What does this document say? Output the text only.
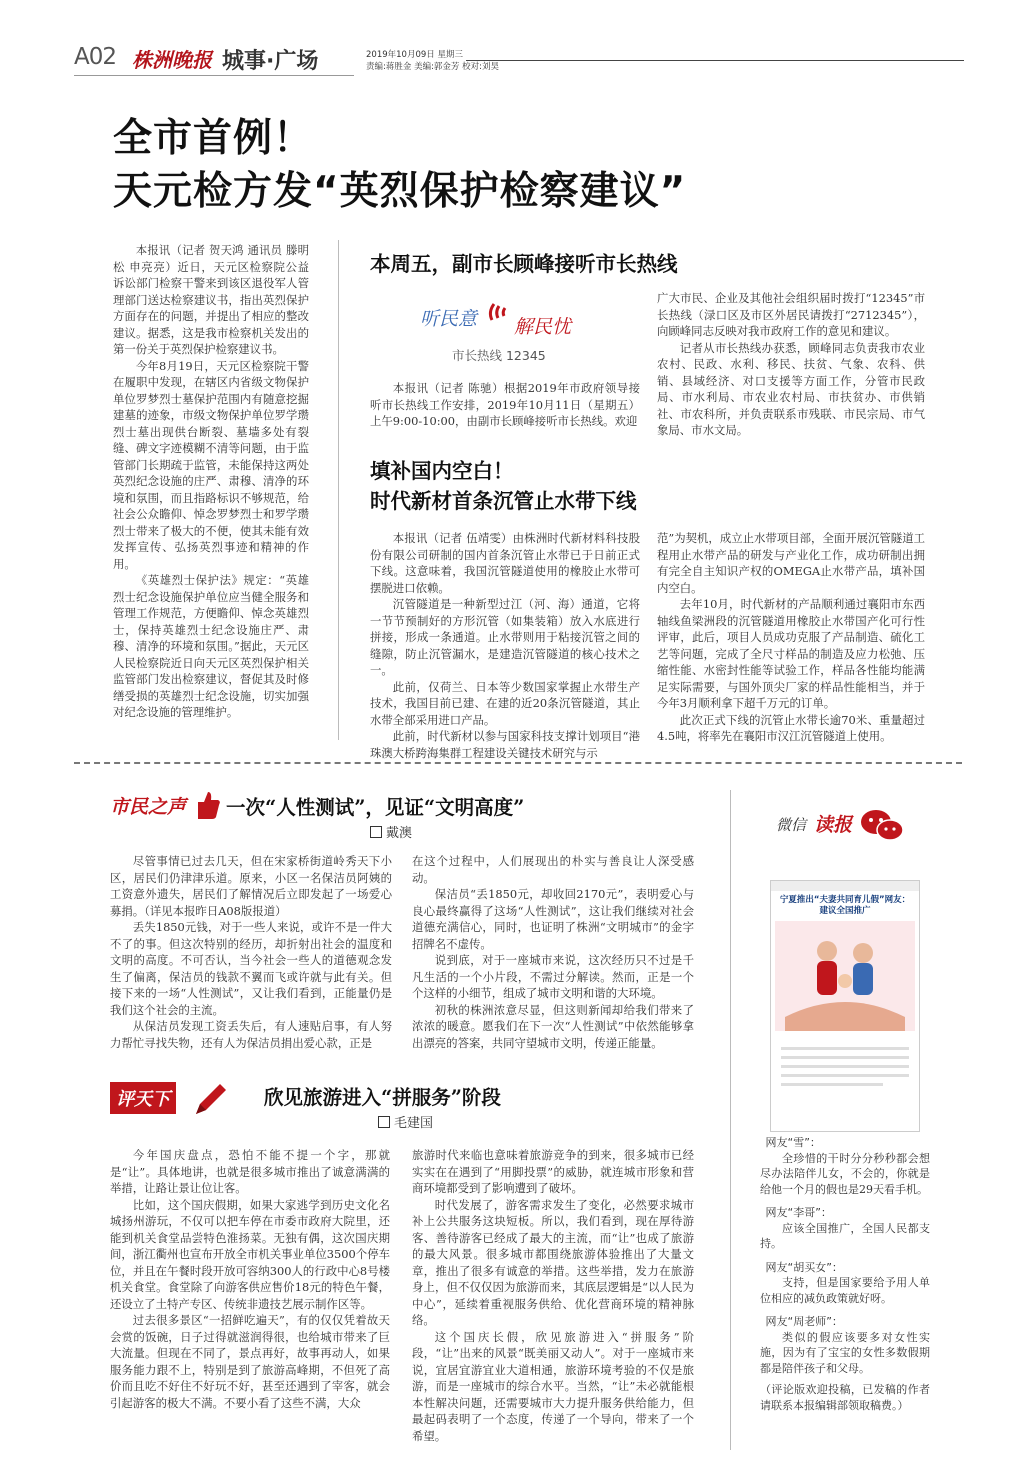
A02 株洲晚报 城事·广场	2019年10月09日 星期三
责编:蒋胜金 美编:郭金芳 校对:刘昊
全市首例！
天元检方发“英烈保护检察建议”

本报讯（记者 贺天鸿 通讯员 滕明松 申亮亮）近日，天元区检察院公益诉讼部门检察干警来到该区退役军人管理部门送达检察建议书，指出英烈保护方面存在的问题，并提出了相应的整改建议。据悉，这是我市检察机关发出的第一份关于英烈保护检察建议书。

今年8月19日，天元区检察院干警在履职中发现，在辖区内省级文物保护单位罗梦烈士墓保护范围内有随意挖掘建墓的迹象，市级文物保护单位罗学瓒烈士墓出现供台断裂、墓墙多处有裂缝、碑文字迹模糊不清等问题，由于监管部门长期疏于监管，未能保持这两处英烈纪念设施的庄严、肃穆、清净的环境和氛围，而且指路标识不够规范，给社会公众瞻仰、悼念罗梦烈士和罗学瓒烈士带来了极大的不便，使其未能有效发挥宣传、弘扬英烈事迹和精神的作用。

《英雄烈士保护法》规定：“英雄烈士纪念设施保护单位应当健全服务和管理工作规范，方便瞻仰、悼念英雄烈士，保持英雄烈士纪念设施庄严、肃穆、清净的环境和氛围。”据此，天元区人民检察院近日向天元区英烈保护相关监管部门发出检察建议，督促其及时修缮受损的英雄烈士纪念设施，切实加强对纪念设施的管理维护。

本周五，副市长顾峰接听市长热线
听民意 解民忧
市长热线 12345

本报讯（记者 陈驰）根据2019年市政府领导接听市长热线工作安排，2019年10月11日（星期五）上午9:00-10:00，由副市长顾峰接听市长热线。欢迎

广大市民、企业及其他社会组织届时拨打“12345”市长热线（渌口区及市区外居民请拨打“2712345”），向顾峰同志反映对我市政府工作的意见和建议。

记者从市长热线办获悉，顾峰同志负责我市农业农村、民政、水利、移民、扶贫、气象、农科、供销、县域经济、对口支援等方面工作，分管市民政局、市水利局、市农业农村局、市扶贫办、市供销社、市农科所，并负责联系市残联、市民宗局、市气象局、市水文局。

填补国内空白！
时代新材首条沉管止水带下线

本报讯（记者 伍靖雯）由株洲时代新材料科技股份有限公司研制的国内首条沉管止水带已于日前正式下线。这意味着，我国沉管隧道使用的橡胶止水带可摆脱进口依赖。

沉管隧道是一种新型过江（河、海）通道，它将一节节预制好的方形沉管（如集装箱）放入水底进行拼接，形成一条通道。止水带则用于粘接沉管之间的缝隙，防止沉管漏水，是建造沉管隧道的核心技术之一。

此前，仅荷兰、日本等少数国家掌握止水带生产技术，我国目前已建、在建的近20条沉管隧道，其止水带全部采用进口产品。

此前，时代新材以参与国家科技支撑计划项目“港珠澳大桥跨海集群工程建设关键技术研究与示

范”为契机，成立止水带项目部，全面开展沉管隧道工程用止水带产品的研发与产业化工作，成功研制出拥有完全自主知识产权的OMEGA止水带产品，填补国内空白。

去年10月，时代新材的产品顺利通过襄阳市东西轴线鱼梁洲段的沉管隧道用橡胶止水带国产化可行性评审，此后，项目人员成功克服了产品制造、硫化工艺等问题，完成了全尺寸样品的制造及应力松弛、压缩性能、水密封性能等试验工作，样品各性能均能满足实际需要，与国外顶尖厂家的样品性能相当，并于今年3月顺利拿下超千万元的订单。

此次正式下线的沉管止水带长逾70米、重量超过4.5吨，将率先在襄阳市汉江沉管隧道上使用。

市民之声 一次“人性测试”，见证“文明高度”
戴澳

尽管事情已过去几天，但在宋家桥街道岭秀天下小区，居民们仍津津乐道。原来，小区一名保洁员阿姨的工资意外遗失，居民们了解情况后立即发起了一场爱心募捐。（详见本报昨日A08版报道）

丢失1850元钱，对于一些人来说，或许不是一件大不了的事。但这次特别的经历，却折射出社会的温度和文明的高度。不可否认，当今社会一些人的道德观念发生了偏离，保洁员的钱款不翼而飞或许就与此有关。但接下来的一场“人性测试”，又让我们看到，正能量仍是我们这个社会的主流。

从保洁员发现工资丢失后，有人速贴启事，有人努力帮忙寻找失物，还有人为保洁员捐出爱心款，正是

在这个过程中，人们展现出的朴实与善良让人深受感动。

保洁员“丢1850元，却收回2170元”，表明爱心与良心最终赢得了这场“人性测试”，这让我们继续对社会道德充满信心，同时，也证明了株洲“文明城市”的金字招牌名不虚传。

说到底，对于一座城市来说，这次经历只不过是千凡生活的一个小片段，不需过分解读。然而，正是一个个这样的小细节，组成了城市文明和谐的大环境。

初秋的株洲浓意尽显，但这则新闻却给我们带来了浓浓的暖意。愿我们在下一次“人性测试”中依然能够拿出漂亮的答案，共同守望城市文明，传递正能量。

微信 读报
宁夏推出“夫妻共同育儿假”网友：建议全国推广
网友“雪”：

全珍惜的干时分分秒秒都会想尽办法陪伴儿女，不会的，你就是给他一个月的假也是29天看手机。

网友“李哥”：

应该全国推广，全国人民都支持。

网友“胡买女”：

支持，但是国家要给予用人单位相应的减负政策就好呀。

网友“周老师”：

类似的假应该要多对女性实施，因为有了宝宝的女性多数假期都是陪伴孩子和父母。

（评论版欢迎投稿，已发稿的作者请联系本报编辑部领取稿费。）
评天下	欣见旅游进入“拼服务”阶段
毛建国

今年国庆盘点，恐怕不能不提一个字，那就是“让”。具体地讲，也就是很多城市推出了诚意满满的举措，让路让景让位让客。

比如，这个国庆假期，如果大家逃学到历史文化名城扬州游玩，不仅可以把车停在市委市政府大院里，还能到机关食堂品尝特色淮扬菜。无独有偶，这次国庆期间，浙江衢州也宣布开放全市机关事业单位3500个停车位，并且在午餐时段开放可容纳300人的行政中心8号楼机关食堂。食堂除了向游客供应售价18元的特色午餐，还设立了土特产专区、传统非遗技艺展示制作区等。

过去很多景区“一招鲜吃遍天”，有的仅仅凭着故天会赏的饭碗，日子过得就滋润得很，也给城市带来了巨大流量。但现在不同了，景点再好，故事再动人，如果服务能力跟不上，特别是到了旅游高峰期，不但死了高价而且吃不好住不好玩不好，甚至还遇到了宰客，就会引起游客的极大不满。不要小看了这些不满，大众

旅游时代来临也意味着旅游竞争的到来，很多城市已经实实在在遇到了“用脚投票”的威胁，就连城市形象和营商环境都受到了影响遭到了破坏。

时代发展了，游客需求发生了变化，必然要求城市补上公共服务这块短板。所以，我们看到，现在厚待游客、善待游客已经成了最大的主流，而“让”也成了旅游的最大风景。很多城市都围绕旅游体验推出了大量文章，推出了很多有诚意的举措。这些举措，发力在旅游身上，但不仅仅因为旅游而来，其底层逻辑是“以人民为中心”，延续着重视服务供给、优化营商环境的精神脉络。

这个国庆长假，欣见旅游进入“拼服务”阶段，“让”出来的风景“既美丽又动人”。对于一座城市来说，宜居宜游宜业大道相通，旅游环境考验的不仅是旅游，而是一座城市的综合水平。当然，“让”未必就能根本性解决问题，还需要城市大力提升服务供给能力，但最起码表明了一个态度，传递了一个导向，带来了一个希望。
